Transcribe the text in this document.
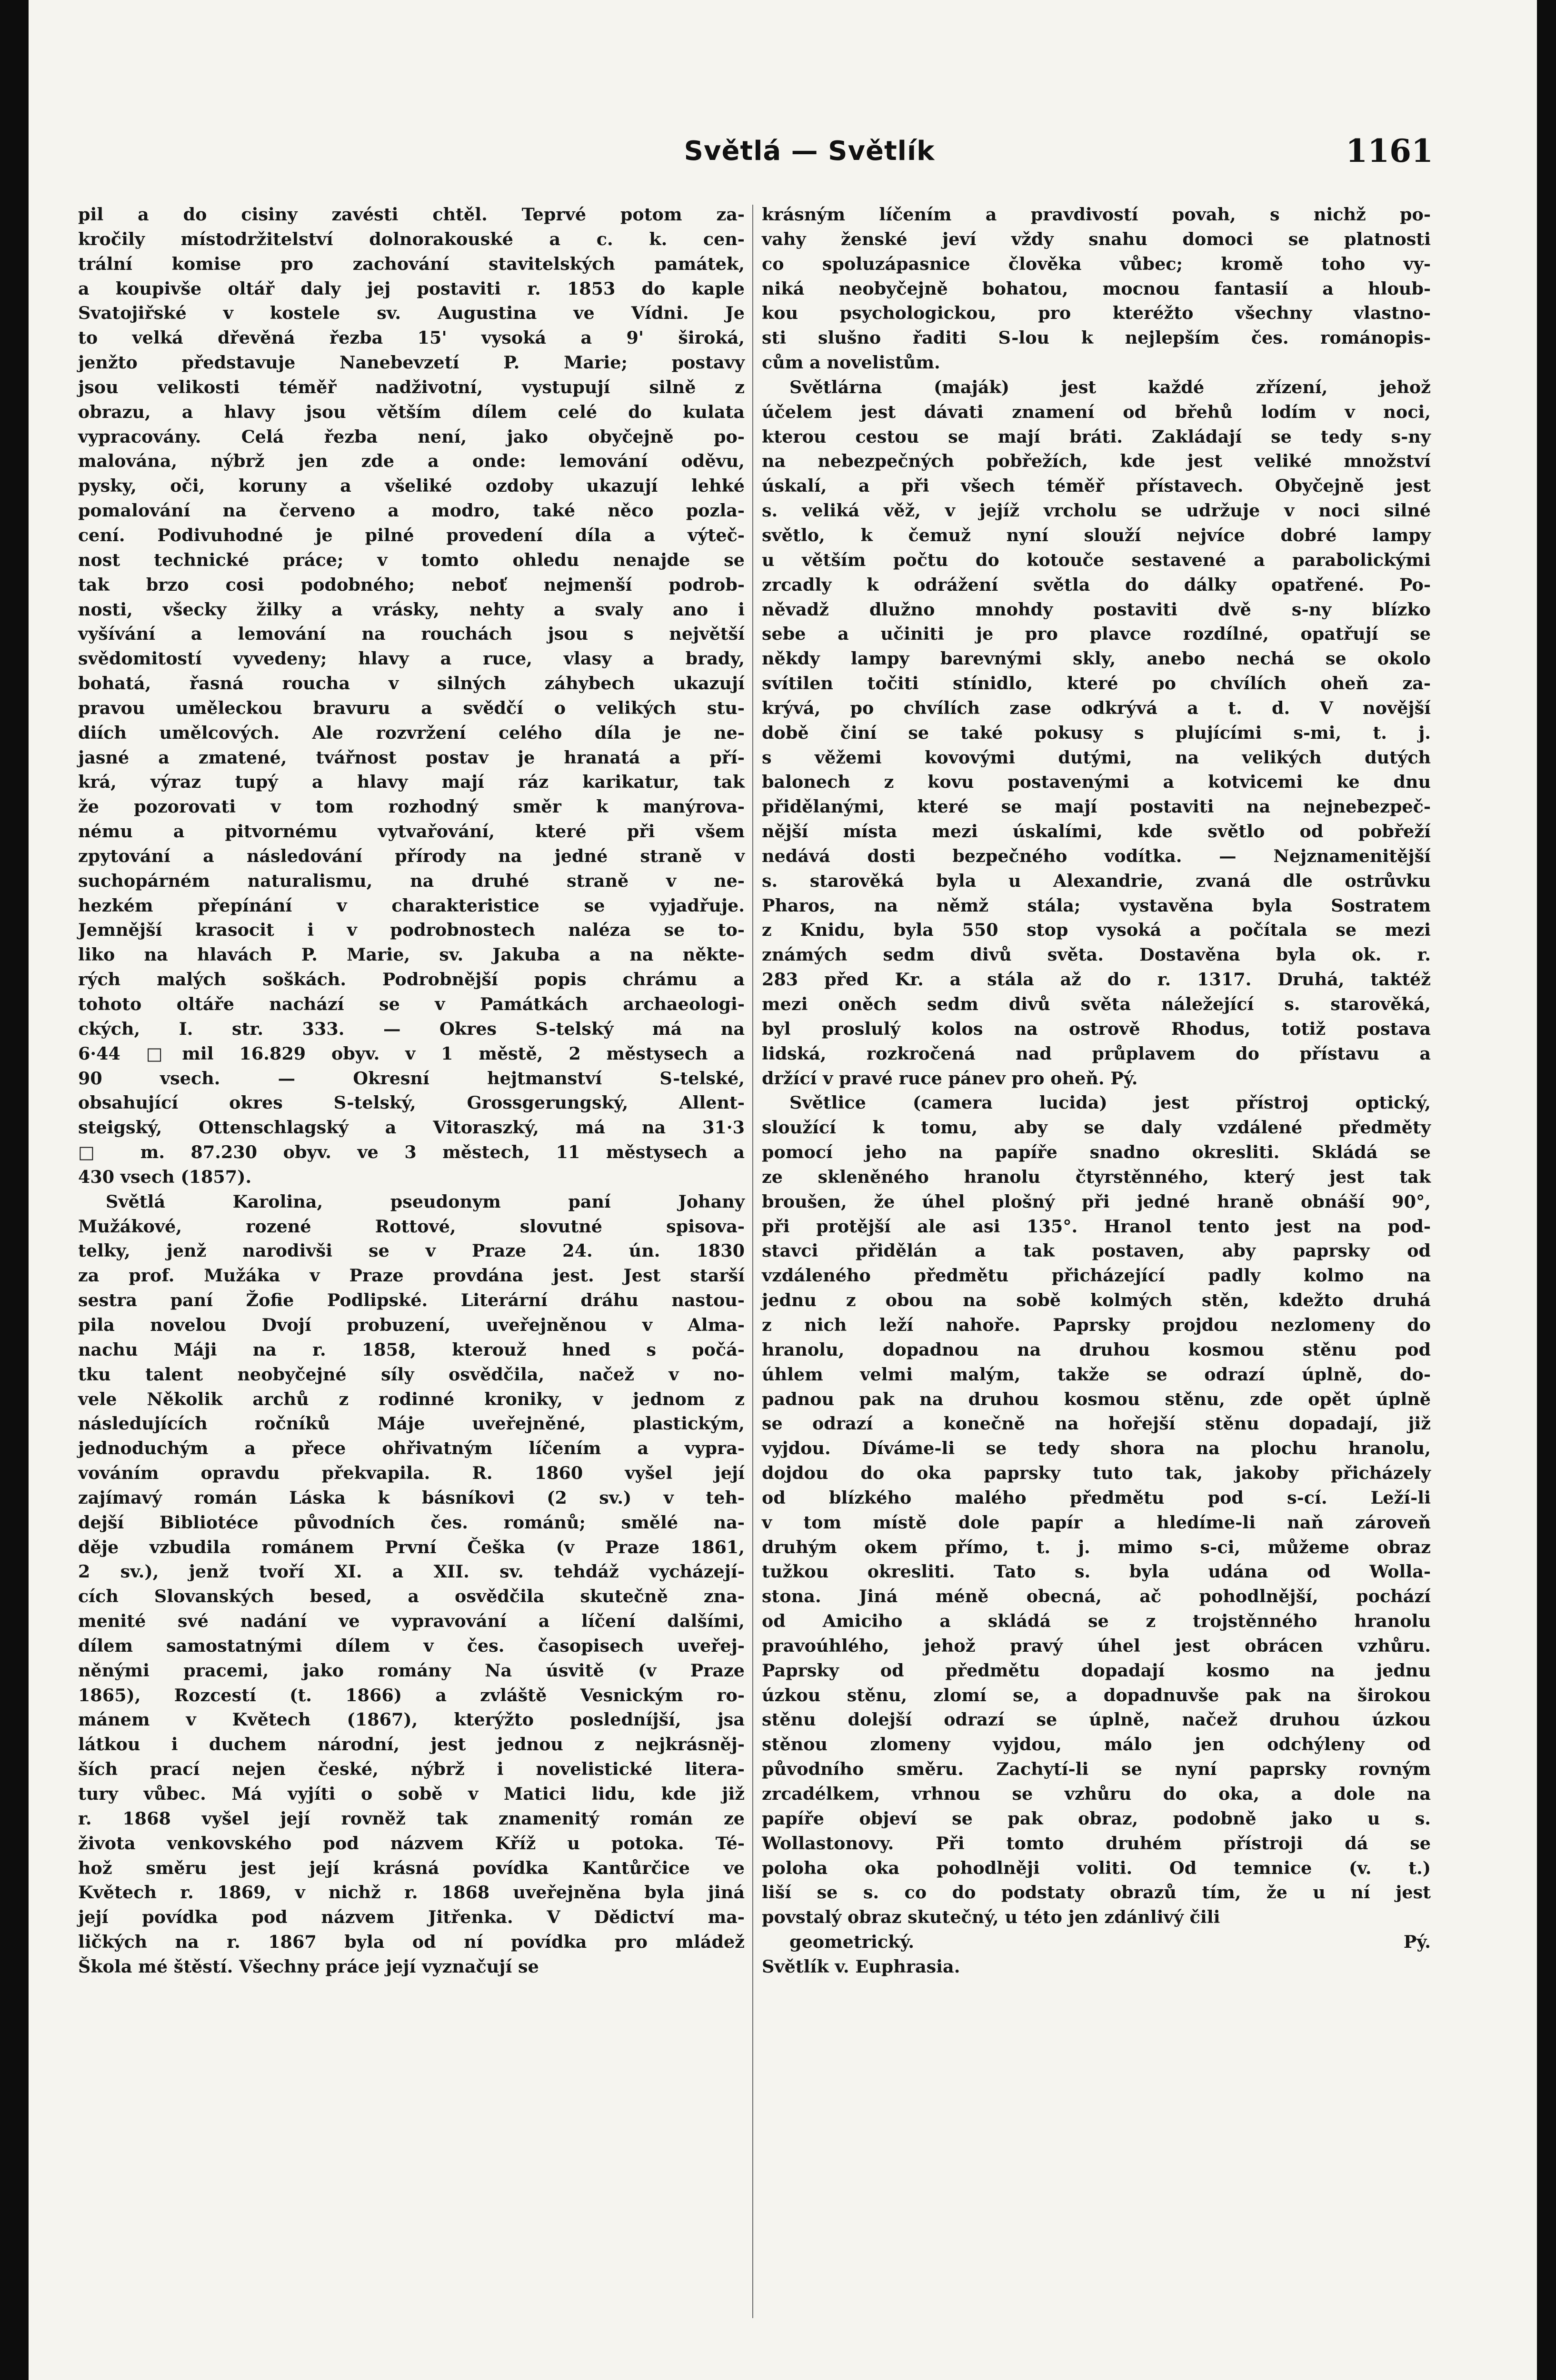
Světlá — Světlík	1161
pil a do cisiny zavésti chtěl. Teprvé potom za-
kročily místodržitelství dolnorakouské a c. k. cen-
trální komise pro zachování stavitelských památek,
a koupivše oltář daly jej postaviti r. 1853 do kaple
Svatojiřské v kostele sv. Augustina ve Vídni. Je
to velká dřevěná řezba 15' vysoká a 9' široká,
jenžto představuje Nanebevzetí P. Marie; postavy
jsou velikosti téměř nadživotní, vystupují silně z
obrazu, a hlavy jsou větším dílem celé do kulata
vypracovány. Celá řezba není, jako obyčejně po-
malována, nýbrž jen zde a onde: lemování oděvu,
pysky, oči, koruny a všeliké ozdoby ukazují lehké
pomalování na červeno a modro, také něco pozla-
cení. Podivuhodné je pilné provedení díla a výteč-
nost technické práce; v tomto ohledu nenajde se
tak brzo cosi podobného; neboť nejmenší podrob-
nosti, všecky žilky a vrásky, nehty a svaly ano i
vyšívání a lemování na rouchách jsou s největší
svědomitostí vyvedeny; hlavy a ruce, vlasy a brady,
bohatá, řasná roucha v silných záhybech ukazují
pravou uměleckou bravuru a svědčí o velikých stu-
diích umělcových. Ale rozvržení celého díla je ne-
jasné a zmatené, tvářnost postav je hranatá a pří-
krá, výraz tupý a hlavy mají ráz karikatur, tak
že pozorovati v tom rozhodný směr k manýrova-
nému a pitvornému vytvařování, které při všem
zpytování a následování přírody na jedné straně v
suchopárném naturalismu, na druhé straně v ne-
hezkém přepínání v charakteristice se vyjadřuje.
Jemnější krasocit i v podrobnostech naléza se to-
liko na hlavách P. Marie, sv. Jakuba a na někte-
rých malých soškách. Podrobnější popis chrámu a
tohoto oltáře nachází se v Památkách archaeologi-
ckých, I. str. 333. — Okres S-telský má na
6·44 □mil 16.829 obyv. v 1 městě, 2 městysech a
90 vsech. — Okresní hejtmanství S-telské,
obsahující okres S-telský, Grossgerungský, Allent-
steigský, Ottenschlagský a Vitoraszký, má na 31·3
□ m. 87.230 obyv. ve 3 městech, 11 městysech a
430 vsech (1857).
Světlá Karolina, pseudonym paní Johany
Mužákové, rozené Rottové, slovutné spisova-
telky, jenž narodivši se v Praze 24. ún. 1830
za prof. Mužáka v Praze provdána jest. Jest starší
sestra paní Žofie Podlipské. Literární dráhu nastou-
pila novelou Dvojí probuzení, uveřejněnou v Alma-
nachu Máji na r. 1858, kterouž hned s počá-
tku talent neobyčejné síly osvědčila, načež v no-
vele Několik archů z rodinné kroniky, v jednom z
následujících ročníků Máje uveřejněné, plastickým,
jednoduchým a přece ohřivatným líčením a vypra-
vováním opravdu překvapila. R. 1860 vyšel její
zajímavý román Láska k básníkovi (2 sv.) v teh-
dejší Bibliotéce původních čes. románů; smělé na-
děje vzbudila románem První Češka (v Praze 1861,
2 sv.), jenž tvoří XI. a XII. sv. tehdáž vycházejí-
cích Slovanských besed, a osvědčila skutečně zna-
menité své nadání ve vypravování a líčení dalšími,
dílem samostatnými dílem v čes. časopisech uveřej-
něnými pracemi, jako romány Na úsvitě (v Praze
1865), Rozcestí (t. 1866) a zvláště Vesnickým ro-
mánem v Květech (1867), kterýžto posledníjší, jsa
látkou i duchem národní, jest jednou z nejkrásněj-
ších prací nejen české, nýbrž i novelistické litera-
tury vůbec. Má vyjíti o sobě v Matici lidu, kde již
r. 1868 vyšel její rovněž tak znamenitý román ze
života venkovského pod názvem Kříž u potoka. Té-
hož směru jest její krásná povídka Kantůrčice ve
Květech r. 1869, v nichž r. 1868 uveřejněna byla jiná
její povídka pod názvem Jitřenka. V Dědictví ma-
ličkých na r. 1867 byla od ní povídka pro mládež
Škola mé štěstí. Všechny práce její vyznačují se
krásným líčením a pravdivostí povah, s nichž po-
vahy ženské jeví vždy snahu domoci se platnosti
co spoluzápasnice člověka vůbec; kromě toho vy-
niká neobyčejně bohatou, mocnou fantasií a hloub-
kou psychologickou, pro kteréžto všechny vlastno-
sti slušno řaditi S-lou k nejlepším čes. románopis-
cům a novelistům.
Světlárna (maják) jest každé zřízení, jehož
účelem jest dávati znamení od břehů lodím v noci,
kterou cestou se mají bráti. Zakládají se tedy s-ny
na nebezpečných pobřežích, kde jest veliké množství
úskalí, a při všech téměř přístavech. Obyčejně jest
s. veliká věž, v jejíž vrcholu se udržuje v noci silné
světlo, k čemuž nyní slouží nejvíce dobré lampy
u větším počtu do kotouče sestavené a parabolickými
zrcadly k odrážení světla do dálky opatřené. Po-
něvadž dlužno mnohdy postaviti dvě s-ny blízko
sebe a učiniti je pro plavce rozdílné, opatřují se
někdy lampy barevnými skly, anebo nechá se okolo
svítilen točiti stínidlo, které po chvílích oheň za-
krývá, po chvílích zase odkrývá a t. d. V novější
době činí se také pokusy s plujícími s-mi, t. j.
s věžemi kovovými dutými, na velikých dutých
balonech z kovu postavenými a kotvicemi ke dnu
přidělanými, které se mají postaviti na nejnebezpeč-
nější místa mezi úskalími, kde světlo od pobřeží
nedává dosti bezpečného vodítka. — Nejznamenitější
s. starověká byla u Alexandrie, zvaná dle ostrůvku
Pharos, na němž stála; vystavěna byla Sostratem
z Knidu, byla 550 stop vysoká a počítala se mezi
známých sedm divů světa. Dostavěna byla ok. r.
283 před Kr. a stála až do r. 1317. Druhá, taktéž
mezi oněch sedm divů světa náležející s. starověká,
byl proslulý kolos na ostrově Rhodus, totiž postava
lidská, rozkročená nad průplavem do přístavu a
držící v pravé ruce pánev pro oheň. Pý.
Světlice (camera lucida) jest přístroj optický,
sloužící k tomu, aby se daly vzdálené předměty
pomocí jeho na papíře snadno okresliti. Skládá se
ze skleněného hranolu čtyrstěnného, který jest tak
broušen, že úhel plošný při jedné hraně obnáší 90°,
při protější ale asi 135°. Hranol tento jest na pod-
stavci přidělán a tak postaven, aby paprsky od
vzdáleného předmětu přicházející padly kolmo na
jednu z obou na sobě kolmých stěn, kdežto druhá
z nich leží nahoře. Paprsky projdou nezlomeny do
hranolu, dopadnou na druhou kosmou stěnu pod
úhlem velmi malým, takže se odrazí úplně, do-
padnou pak na druhou kosmou stěnu, zde opět úplně
se odrazí a konečně na hořejší stěnu dopadají, již
vyjdou. Díváme-li se tedy shora na plochu hranolu,
dojdou do oka paprsky tuto tak, jakoby přicházely
od blízkého malého předmětu pod s-cí. Leží-li
v tom místě dole papír a hledíme-li naň zároveň
druhým okem přímo, t. j. mimo s-ci, můžeme obraz
tužkou okresliti. Tato s. byla udána od Wolla-
stona. Jiná méně obecná, ač pohodlnější, pochází
od Amiciho a skládá se z trojstěnného hranolu
pravoúhlého, jehož pravý úhel jest obrácen vzhůru.
Paprsky od předmětu dopadají kosmo na jednu
úzkou stěnu, zlomí se, a dopadnuvše pak na širokou
stěnu dolejší odrazí se úplně, načež druhou úzkou
stěnou zlomeny vyjdou, málo jen odchýleny od
původního směru. Zachytí-li se nyní paprsky rovným
zrcadélkem, vrhnou se vzhůru do oka, a dole na
papíře objeví se pak obraz, podobně jako u s.
Wollastonovy. Při tomto druhém přístroji dá se
poloha oka pohodlněji voliti. Od temnice (v. t.)
liší se s. co do podstaty obrazů tím, že u ní jest
povstalý obraz skutečný, u této jen zdánlivý čili
geometrický. Pý.
Světlík v. Euphrasia.
